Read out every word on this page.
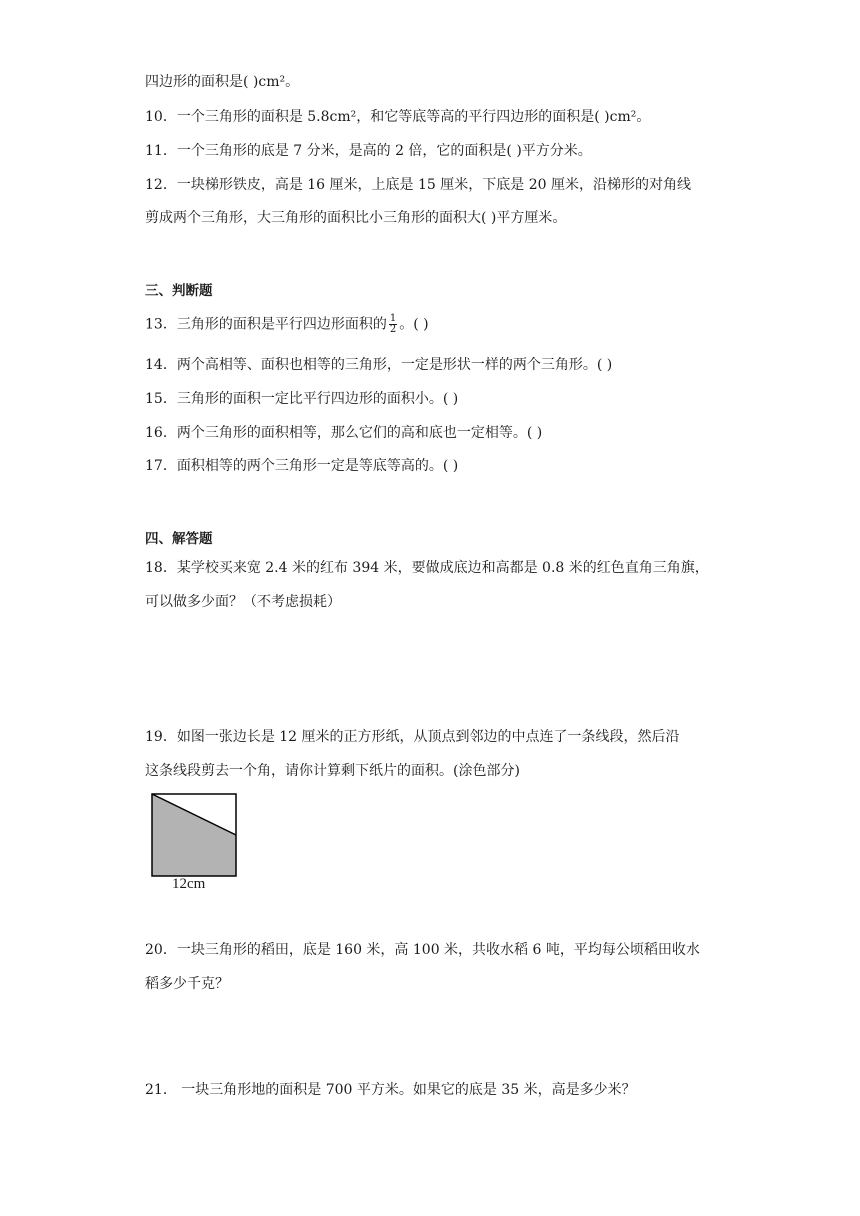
四边形的面积是( )cm²。
10．一个三角形的面积是 5.8cm²，和它等底等高的平行四边形的面积是( )cm²。
11．一个三角形的底是 7 分米，是高的 2 倍，它的面积是( )平方分米。
12．一块梯形铁皮，高是 16 厘米，上底是 15 厘米，下底是 20 厘米，沿梯形的对角线
剪成两个三角形，大三角形的面积比小三角形的面积大( )平方厘米。
三、判断题
13．三角形的面积是平行四边形面积的 $\frac{1}{2}$ 。( )
14．两个高相等、面积也相等的三角形，一定是形状一样的两个三角形。( )
15．三角形的面积一定比平行四边形的面积小。( )
16．两个三角形的面积相等，那么它们的高和底也一定相等。( )
17．面积相等的两个三角形一定是等底等高的。( )
四、解答题
18．某学校买来宽 2.4 米的红布 394 米，要做成底边和高都是 0.8 米的红色直角三角旗，
可以做多少面？（不考虑损耗）
19．如图一张边长是 12 厘米的正方形纸，从顶点到邻边的中点连了一条线段，然后沿
这条线段剪去一个角，请你计算剩下纸片的面积。(涂色部分)
12cm
20．一块三角形的稻田，底是 160 米，高 100 米，共收水稻 6 吨，平均每公顷稻田收水
稻多少千克？
21． 一块三角形地的面积是 700 平方米。如果它的底是 35 米，高是多少米？
